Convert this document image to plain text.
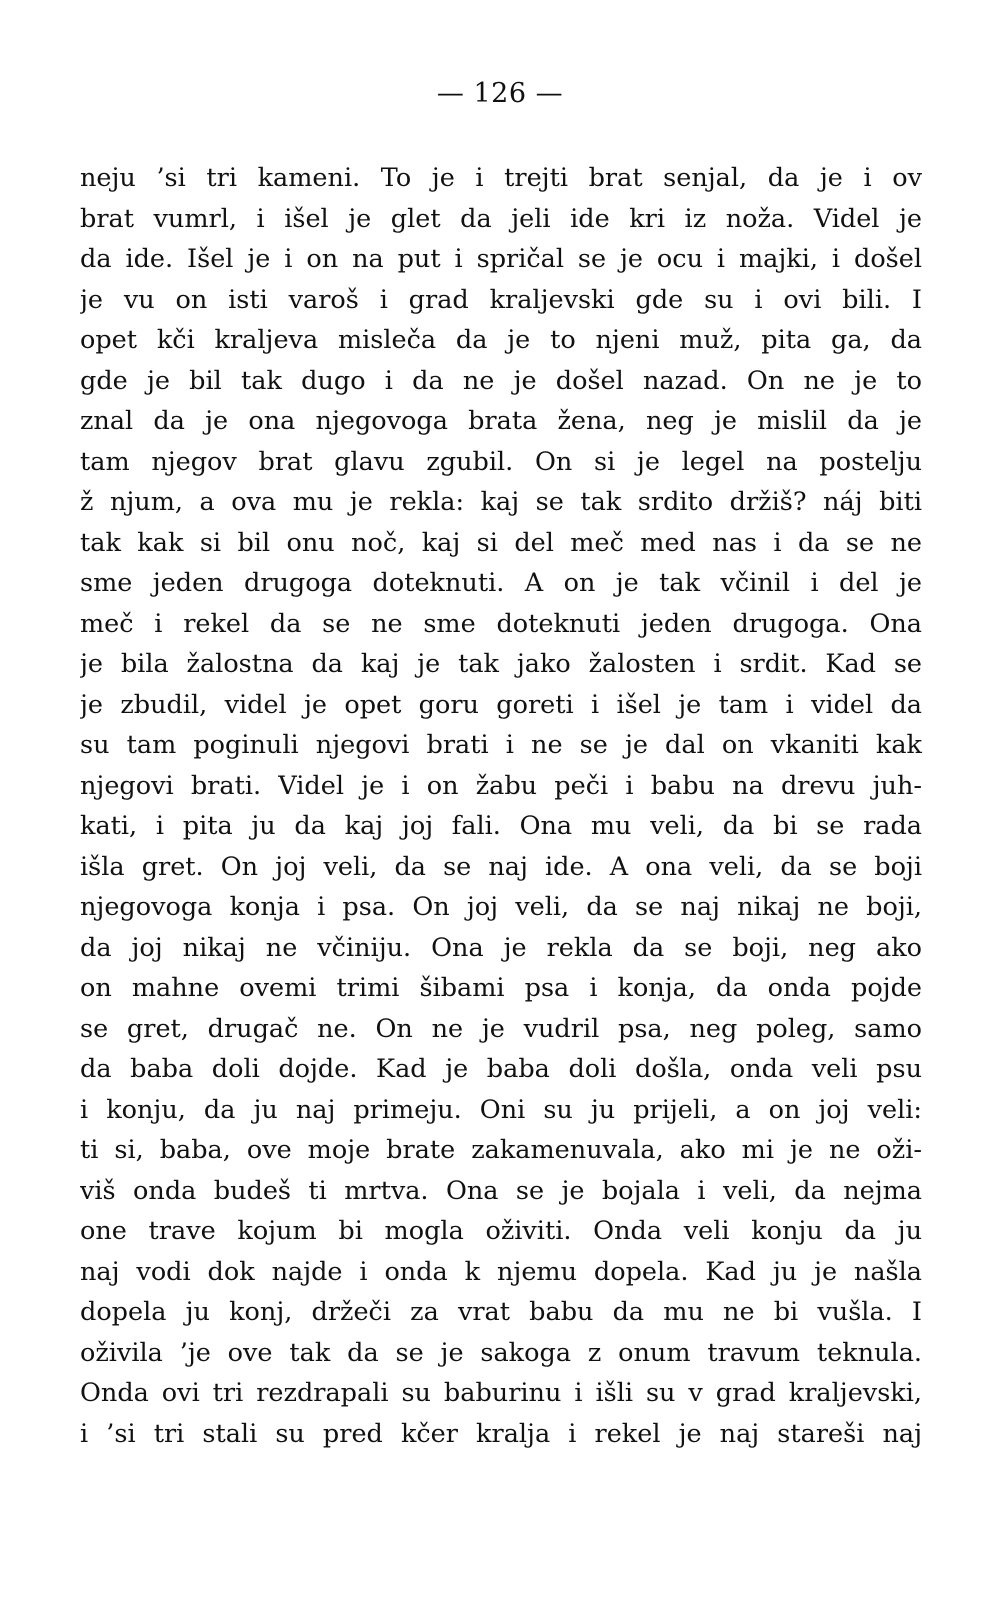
— 126 —
neju ’si tri kameni. To je i trejti brat senjal, da je i ov
brat vumrl, i išel je glet da jeli ide kri iz noža. Videl je
da ide. Išel je i on na put i spričal se je ocu i majki, i došel
je vu on isti varoš i grad kraljevski gde su i ovi bili. I
opet kči kraljeva misleča da je to njeni muž, pita ga, da
gde je bil tak dugo i da ne je došel nazad. On ne je to
znal da je ona njegovoga brata žena, neg je mislil da je
tam njegov brat glavu zgubil. On si je legel na postelju
ž njum, a ova mu je rekla: kaj se tak srdito držiš? náj biti
tak kak si bil onu noč, kaj si del meč med nas i da se ne
sme jeden drugoga doteknuti. A on je tak včinil i del je
meč i rekel da se ne sme doteknuti jeden drugoga. Ona
je bila žalostna da kaj je tak jako žalosten i srdit. Kad se
je zbudil, videl je opet goru goreti i išel je tam i videl da
su tam poginuli njegovi brati i ne se je dal on vkaniti kak
njegovi brati. Videl je i on žabu peči i babu na drevu juh-
kati, i pita ju da kaj joj fali. Ona mu veli, da bi se rada
išla gret. On joj veli, da se naj ide. A ona veli, da se boji
njegovoga konja i psa. On joj veli, da se naj nikaj ne boji,
da joj nikaj ne včiniju. Ona je rekla da se boji, neg ako
on mahne ovemi trimi šibami psa i konja, da onda pojde
se gret, drugač ne. On ne je vudril psa, neg poleg, samo
da baba doli dojde. Kad je baba doli došla, onda veli psu
i konju, da ju naj primeju. Oni su ju prijeli, a on joj veli:
ti si, baba, ove moje brate zakamenuvala, ako mi je ne oži-
viš onda budeš ti mrtva. Ona se je bojala i veli, da nejma
one trave kojum bi mogla oživiti. Onda veli konju da ju
naj vodi dok najde i onda k njemu dopela. Kad ju je našla
dopela ju konj, držeči za vrat babu da mu ne bi vušla. I
oživila ’je ove tak da se je sakoga z onum travum teknula.
Onda ovi tri rezdrapali su baburinu i išli su v grad kraljevski,
i ’si tri stali su pred kčer kralja i rekel je naj stareši naj
